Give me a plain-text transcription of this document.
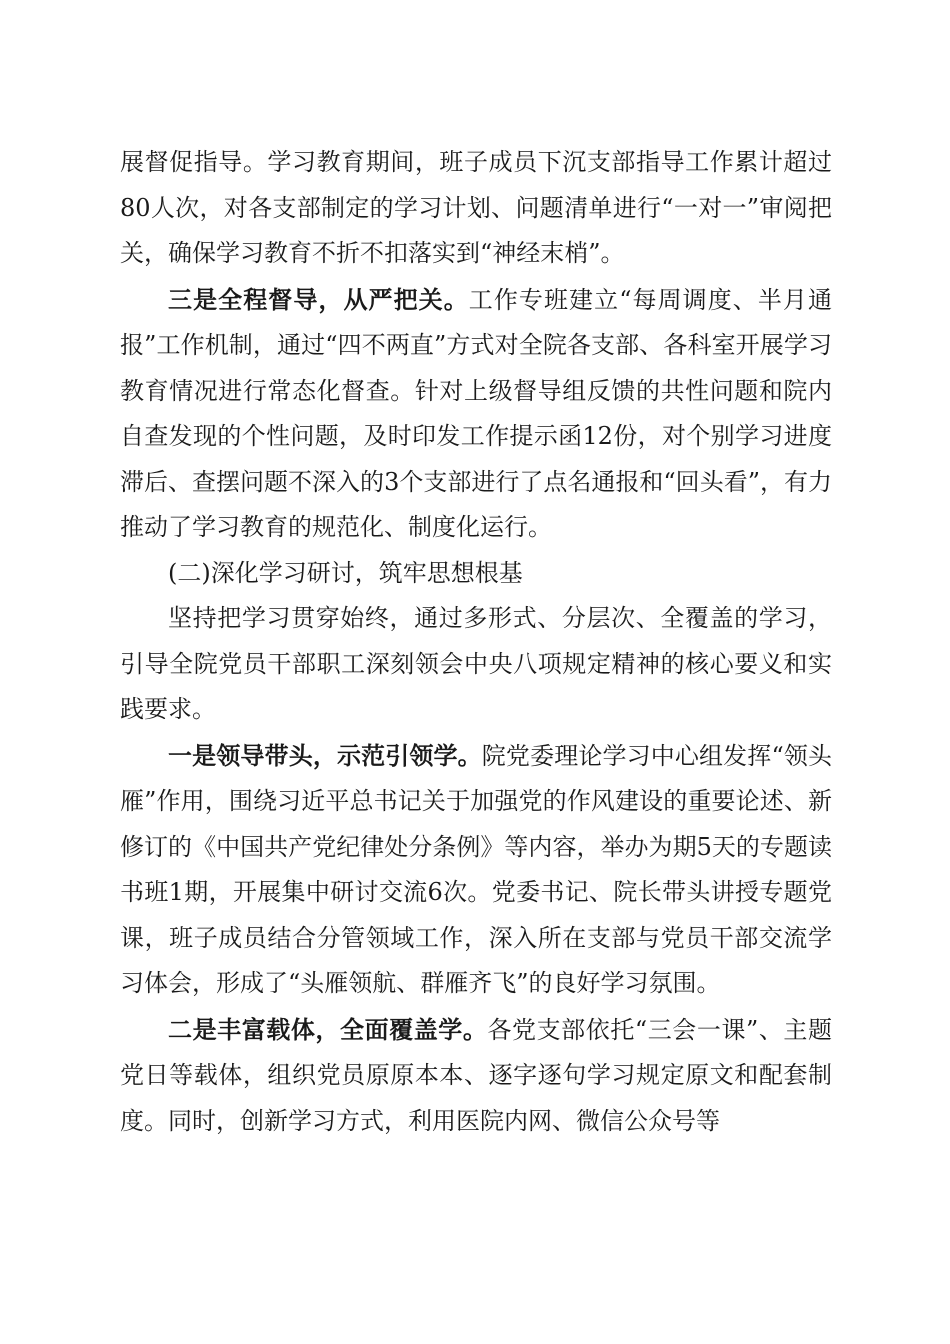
展督促指导。学习教育期间，班子成员下沉支部指导工作累计超过80人次，对各支部制定的学习计划、问题清单进行“一对一”审阅把关，确保学习教育不折不扣落实到“神经末梢”。

三是全程督导，从严把关。工作专班建立“每周调度、半月通报”工作机制，通过“四不两直”方式对全院各支部、各科室开展学习教育情况进行常态化督查。针对上级督导组反馈的共性问题和院内自查发现的个性问题，及时印发工作提示函12份，对个别学习进度滞后、查摆问题不深入的3个支部进行了点名通报和“回头看”，有力推动了学习教育的规范化、制度化运行。

(二)深化学习研讨，筑牢思想根基

坚持把学习贯穿始终，通过多形式、分层次、全覆盖的学习，引导全院党员干部职工深刻领会中央八项规定精神的核心要义和实践要求。

一是领导带头，示范引领学。院党委理论学习中心组发挥“领头雁”作用，围绕习近平总书记关于加强党的作风建设的重要论述、新修订的《中国共产党纪律处分条例》等内容，举办为期5天的专题读书班1期，开展集中研讨交流6次。党委书记、院长带头讲授专题党课，班子成员结合分管领域工作，深入所在支部与党员干部交流学习体会，形成了“头雁领航、群雁齐飞”的良好学习氛围。

二是丰富载体，全面覆盖学。各党支部依托“三会一课”、主题党日等载体，组织党员原原本本、逐字逐句学习规定原文和配套制度。同时，创新学习方式，利用医院内网、微信公众号等
